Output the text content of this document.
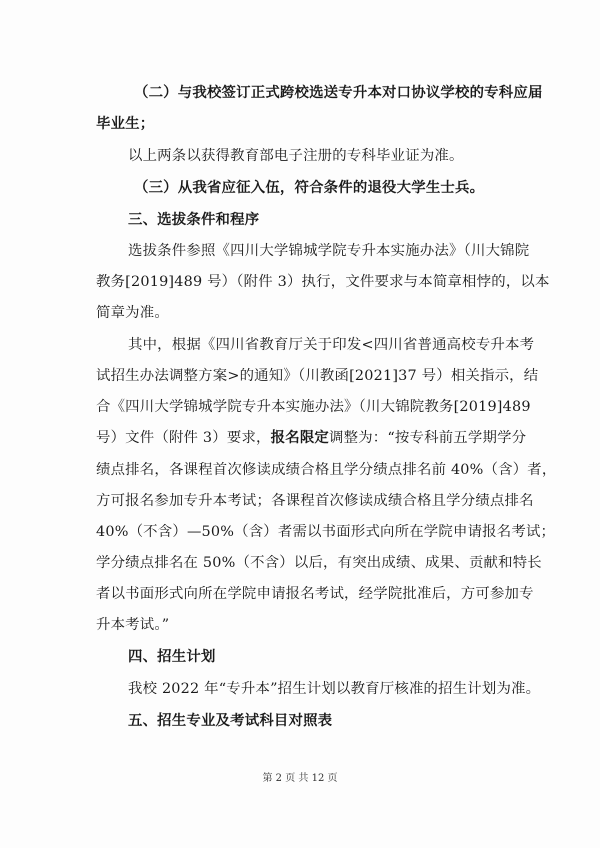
（二）与我校签订正式跨校选送专升本对口协议学校的专科应届
毕业生；
以上两条以获得教育部电子注册的专科毕业证为准。
（三）从我省应征入伍，符合条件的退役大学生士兵。
三、选拔条件和程序
选拔条件参照《四川大学锦城学院专升本实施办法》（川大锦院
教务[2019]489 号）（附件 3）执行，文件要求与本简章相悖的，以本
简章为准。
其中，根据《四川省教育厅关于印发<四川省普通高校专升本考
试招生办法调整方案>的通知》（川教函[2021]37 号）相关指示，结
合《四川大学锦城学院专升本实施办法》（川大锦院教务[2019]489
号）文件（附件 3）要求，报名限定调整为：“按专科前五学期学分
绩点排名，各课程首次修读成绩合格且学分绩点排名前 40%（含）者，
方可报名参加专升本考试；各课程首次修读成绩合格且学分绩点排名
40%（不含）—50%（含）者需以书面形式向所在学院申请报名考试；
学分绩点排名在 50%（不含）以后，有突出成绩、成果、贡献和特长
者以书面形式向所在学院申请报名考试，经学院批准后，方可参加专
升本考试。”
四、招生计划
我校 2022 年“专升本”招生计划以教育厅核准的招生计划为准。
五、招生专业及考试科目对照表
第 2 页 共 12 页
